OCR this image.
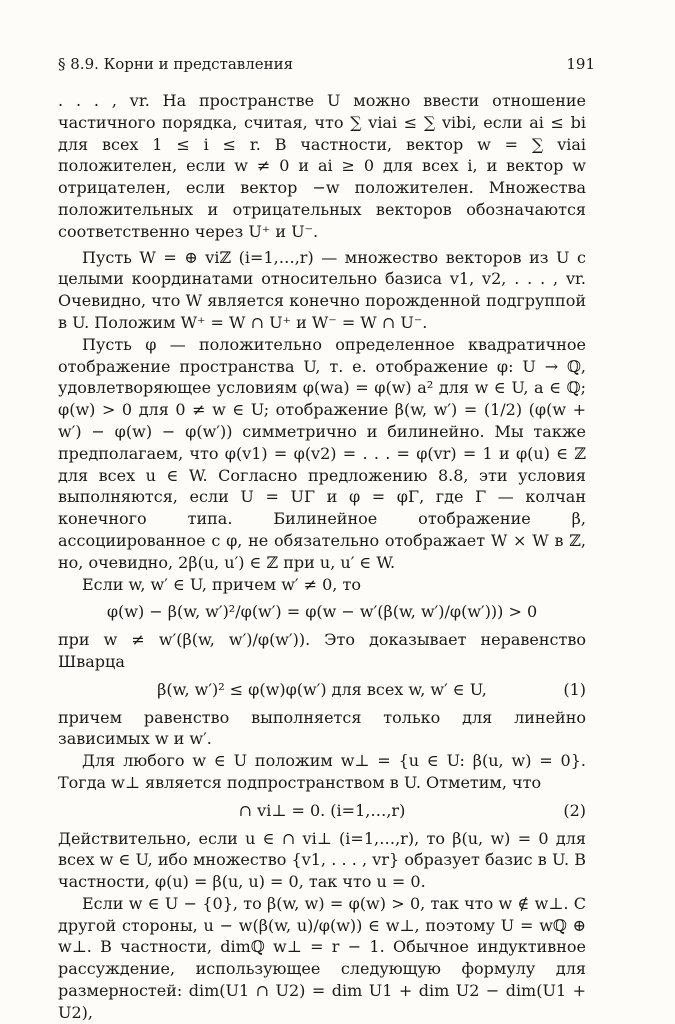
§ 8.9. Корни и представления	191

. . . , vr. На пространстве U можно ввести отношение частичного порядка, считая, что ∑ viai ≤ ∑ vibi, если ai ≤ bi для всех 1 ≤ i ≤ r. В частности, вектор w = ∑ viai положителен, если w ≠ 0 и ai ≥ 0 для всех i, и вектор w отрицателен, если вектор −w положителен. Множества положительных и отрицательных векторов обозначаются соответственно через U⁺ и U⁻.

Пусть W = ⊕ viℤ (i=1,…,r) — множество векторов из U с целыми координатами относительно базиса v1, v2, . . . , vr. Очевидно, что W является конечно порожденной подгруппой в U. Положим W⁺ = W ∩ U⁺ и W⁻ = W ∩ U⁻.

Пусть φ — положительно определенное квадратичное отображение пространства U, т. е. отображение φ: U → ℚ, удовлетворяющее условиям φ(wa) = φ(w) a² для w ∈ U, a ∈ ℚ; φ(w) > 0 для 0 ≠ w ∈ U; отображение β(w, w′) = (1/2) (φ(w + w′) − φ(w) − φ(w′)) симметрично и билинейно. Мы также предполагаем, что φ(v1) = φ(v2) = . . . = φ(vr) = 1 и φ(u) ∈ ℤ для всех u ∈ W. Согласно предложению 8.8, эти условия выполняются, если U = UΓ и φ = φΓ, где Γ — колчан конечного типа. Билинейное отображение β, ассоциированное с φ, не обязательно отображает W × W в ℤ, но, очевидно, 2β(u, u′) ∈ ℤ при u, u′ ∈ W.

Если w, w′ ∈ U, причем w′ ≠ 0, то

φ(w) − β(w, w′)²/φ(w′) = φ(w − w′(β(w, w′)/φ(w′))) > 0

при w ≠ w′(β(w, w′)/φ(w′)). Это доказывает неравенство Шварца

β(w, w′)² ≤ φ(w)φ(w′) для всех w, w′ ∈ U,	(1)

причем равенство выполняется только для линейно зависимых w и w′.

Для любого w ∈ U положим w⊥ = {u ∈ U: β(u, w) = 0}. Тогда w⊥ является подпространством в U. Отметим, что

∩ vi⊥ = 0. (i=1,…,r)	(2)

Действительно, если u ∈ ∩ vi⊥ (i=1,…,r), то β(u, w) = 0 для всех w ∈ U, ибо множество {v1, . . . , vr} образует базис в U. В частности, φ(u) = β(u, u) = 0, так что u = 0.

Если w ∈ U − {0}, то β(w, w) = φ(w) > 0, так что w ∉ w⊥. С другой стороны, u − w(β(w, u)/φ(w)) ∈ w⊥, поэтому U = wℚ ⊕ w⊥. В частности, dimℚ w⊥ = r − 1. Обычное индуктивное рассуждение, использующее следующую формулу для размерностей: dim(U1 ∩ U2) = dim U1 + dim U2 − dim(U1 + U2),
